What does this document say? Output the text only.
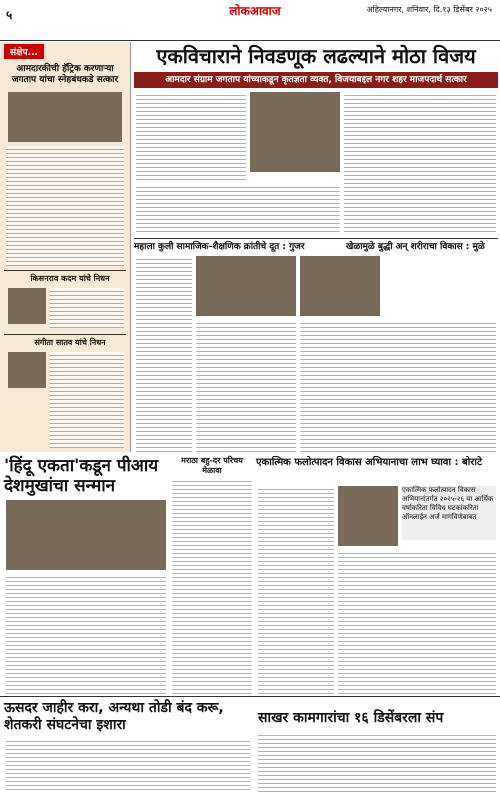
५	लोकआवाज	अहिल्यानगर, शनिवार, दि.१३ डिसेंबर २०२५
संक्षेप...
आमदारकीची हॅट्रिक करणाऱ्या जगताप यांचा स्नेहबंधकडे सत्कार
किसनराव कदम यांचे निधन
संगीता सातव यांचे निधन
एकविचाराने निवडणूक लढल्याने मोठा विजय
आमदार संग्राम जगताप यांच्याकडून कृतज्ञता व्यक्त, विजयाबद्दल नगर शहर माजपदार्थ सत्कार
महाला कुली सामाजिक-शैक्षणिक क्रांतीचे दूत : गुजर	खेळामुळे बुद्धी अन् शरीराचा विकास : मुळे
'हिंदू एकता'कडून पीआय देशमुखांचा सन्मान
मराठा बहु-दर परिचय मेळावा
एकात्मिक फलोत्पादन विकास अभियानाचा लाभ घ्यावा : बोराटे
एकात्मिक फलोत्पादन विकास अभियानांतर्गत २०२५-२६ या आर्थिक वर्षाकरिता विविध घटकांकरिता ऑनलाईन अर्ज मागविणेबाबत
ऊसदर जाहीर करा, अन्यथा तोडी बंद करू, शेतकरी संघटनेचा इशारा	साखर कामगारांचा १६ डिसेंबरला संप
